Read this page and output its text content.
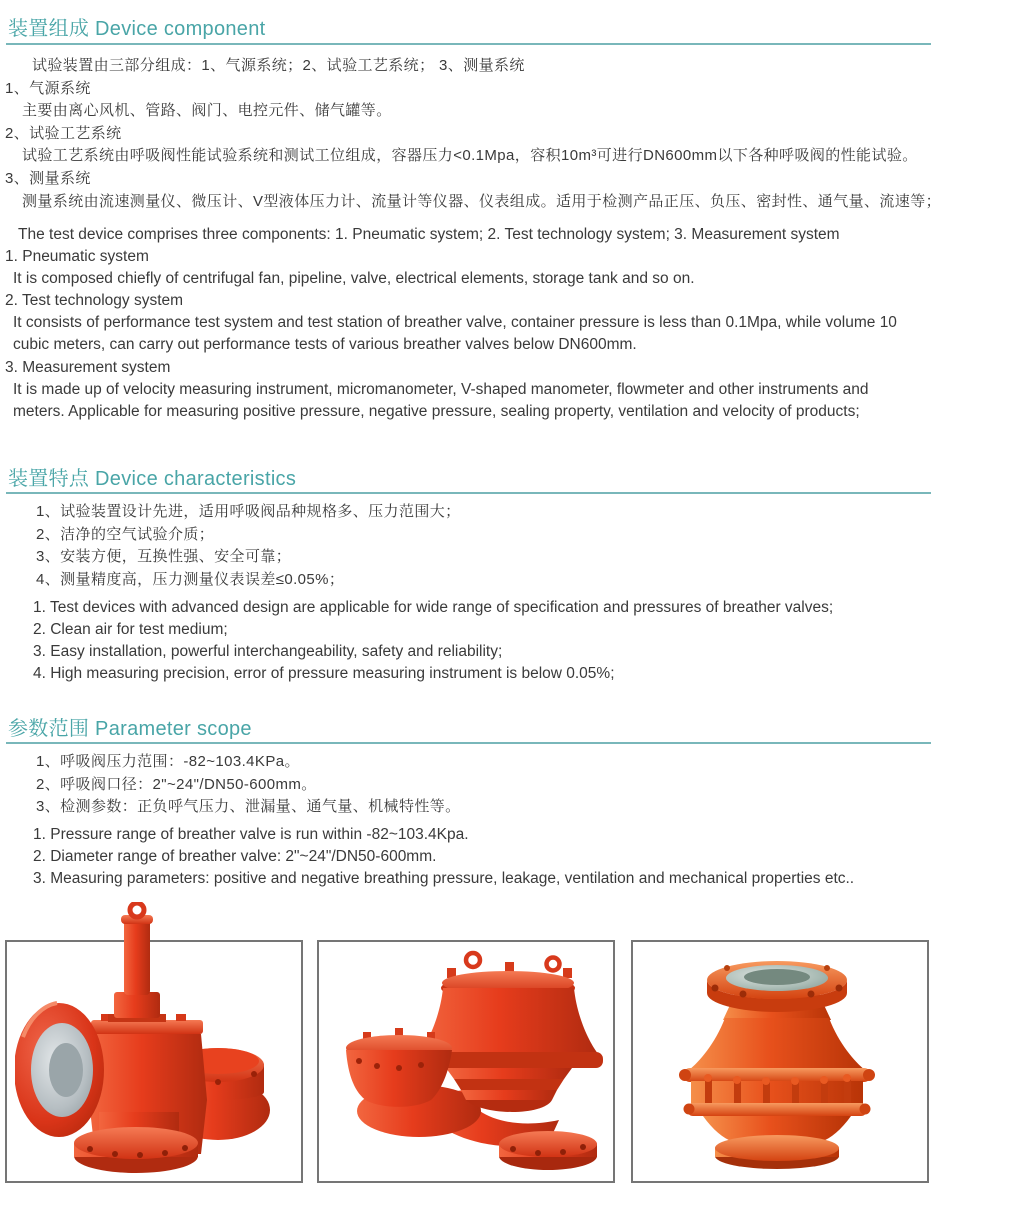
装置组成 Device component
试验装置由三部分组成：1、气源系统；2、试验工艺系统； 3、测量系统
1、气源系统
主要由离心风机、管路、阀门、电控元件、储气罐等。
2、试验工艺系统
试验工艺系统由呼吸阀性能试验系统和测试工位组成，容器压力<0.1Mpa，容积10m³可进行DN600mm以下各种呼吸阀的性能试验。
3、测量系统
测量系统由流速测量仪、微压计、V型液体压力计、流量计等仪器、仪表组成。适用于检测产品正压、负压、密封性、通气量、流速等；
The test device comprises three components: 1. Pneumatic system; 2. Test technology system; 3. Measurement system
1. Pneumatic system
It is composed chiefly of centrifugal fan, pipeline, valve, electrical elements, storage tank and so on.
2. Test technology system
It consists of performance test system and test station of breather valve, container pressure is less than 0.1Mpa, while volume 10
cubic meters, can carry out performance tests of various breather valves below DN600mm.
3. Measurement system
It is made up of velocity measuring instrument, micromanometer, V-shaped manometer, flowmeter and other instruments and
meters. Applicable for measuring positive pressure, negative pressure, sealing property, ventilation and velocity of products;
装置特点 Device characteristics
1、试验装置设计先进，适用呼吸阀品种规格多、压力范围大；
2、洁净的空气试验介质；
3、安装方便，互换性强、安全可靠；
4、测量精度高，压力测量仪表误差≤0.05%；
1. Test devices with advanced design are applicable for wide range of specification and pressures of breather valves;
2. Clean air for test medium;
3. Easy installation, powerful interchangeability, safety and reliability;
4. High measuring precision, error of pressure measuring instrument is below 0.05%;
参数范围 Parameter scope
1、呼吸阀压力范围：-82~103.4KPa。
2、呼吸阀口径：2"~24"/DN50-600mm。
3、检测参数：正负呼气压力、泄漏量、通气量、机械特性等。
1. Pressure range of breather valve is run within -82~103.4Kpa.
2. Diameter range of breather valve: 2"~24"/DN50-600mm.
3. Measuring parameters: positive and negative breathing pressure, leakage, ventilation and mechanical properties etc..
